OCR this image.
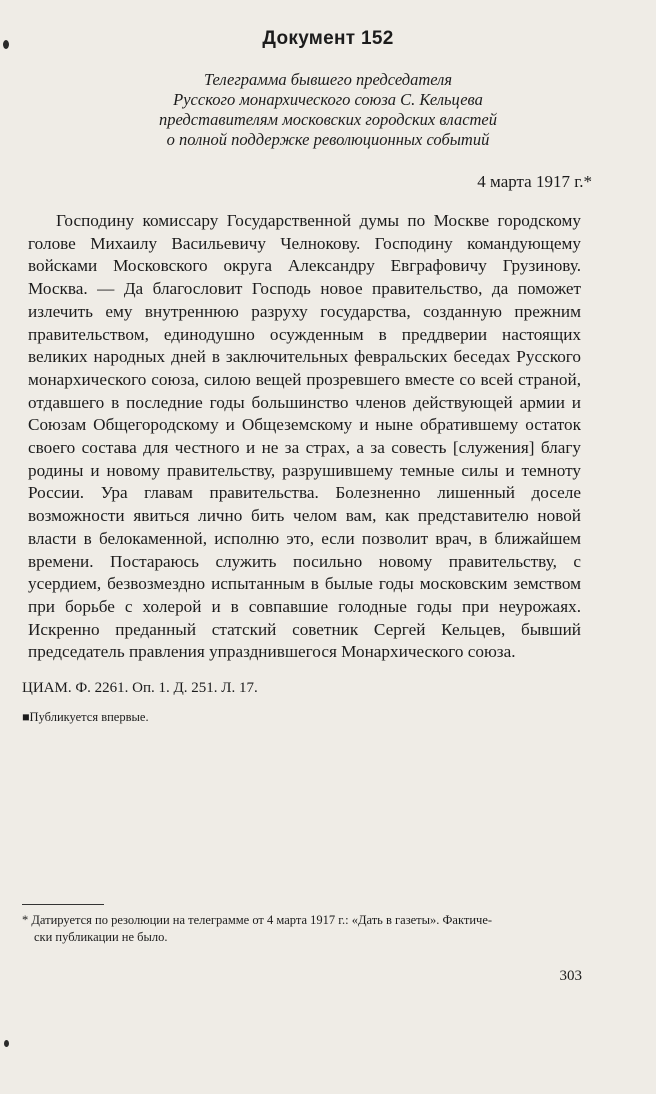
Документ 152
Телеграмма бывшего председателя
Русского монархического союза С. Кельцева
представителям московских городских властей
о полной поддержке революционных событий
4 марта 1917 г.*
Господину комиссару Государственной думы по Москве городскому голове Михаилу Васильевичу Челнокову. Господину командующему войсками Московского округа Александру Евграфовичу Грузинову. Москва. — Да благословит Господь новое правительство, да поможет излечить ему внутреннюю разруху государства, созданную прежним правительством, единодушно осужденным в преддверии настоящих великих народных дней в заключительных февральских беседах Русского монархического союза, силою вещей прозревшего вместе со всей страной, отдавшего в последние годы большинство членов действующей армии и Союзам Общегородскому и Общеземскому и ныне обратившему остаток своего состава для честного и не за страх, а за совесть [служения] благу родины и новому правительству, разрушившему темные силы и темноту России. Ура главам правительства. Болезненно лишенный доселе возможности явиться лично бить челом вам, как представителю новой власти в белокаменной, исполню это, если позволит врач, в ближайшем времени. Постараюсь служить посильно новому правительству, с усердием, безвозмездно испытанным в былые годы московским земством при борьбе с холерой и в совпавшие голодные годы при неурожаях. Искренно преданный статский советник Сергей Кельцев, бывший председатель правления упразднившегося Монархического союза.
ЦИАМ. Ф. 2261. Оп. 1. Д. 251. Л. 17.
■Публикуется впервые.
* Датируется по резолюции на телеграмме от 4 марта 1917 г.: «Дать в газеты». Фактиче-
ски публикации не было.
303
